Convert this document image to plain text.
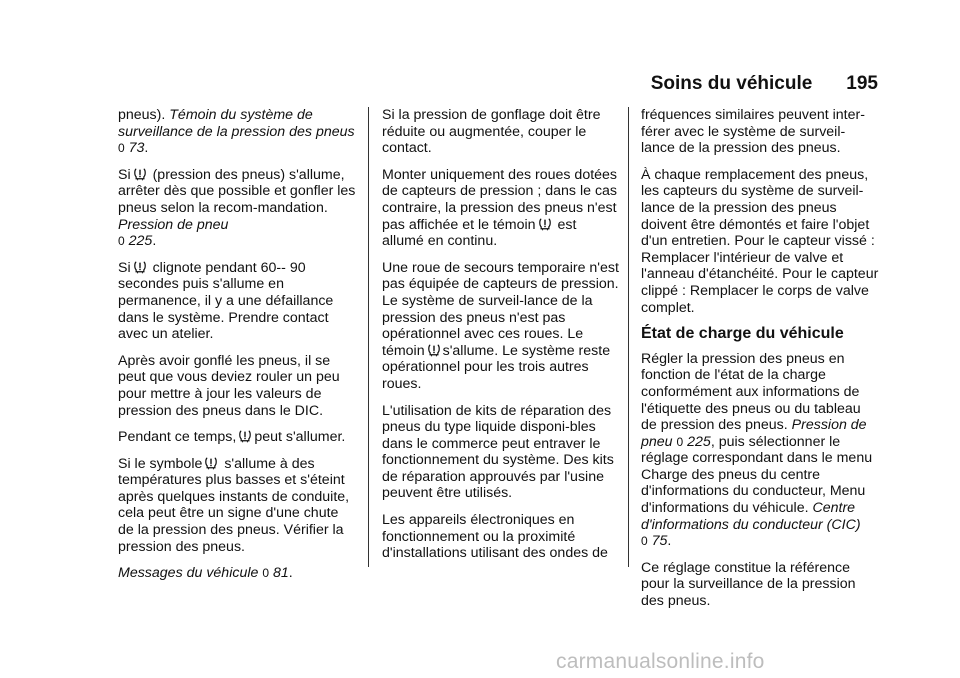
Soins du véhicule 195

pneus). Témoin du système de surveillance de la pression des pneus 0 73.

Si (pression des pneus) s'allume, arrêter dès que possible et gonfler les pneus selon la recom-mandation. Pression de pneu
0 225.

Si clignote pendant 60-- 90 secondes puis s'allume en permanence, il y a une défaillance dans le système. Prendre contact avec un atelier.

Après avoir gonflé les pneus, il se peut que vous deviez rouler un peu pour mettre à jour les valeurs de pression des pneus dans le DIC.

Pendant ce temps, peut s'allumer.

Si le symbole s'allume à des températures plus basses et s'éteint après quelques instants de conduite, cela peut être un signe d'une chute de la pression des pneus. Vérifier la pression des pneus.

Messages du véhicule 0 81.

Si la pression de gonflage doit être réduite ou augmentée, couper le contact.

Monter uniquement des roues dotées de capteurs de pression ; dans le cas contraire, la pression des pneus n'est pas affichée et le témoin est allumé en continu.

Une roue de secours temporaire n'est pas équipée de capteurs de pression. Le système de surveil-lance de la pression des pneus n'est pas opérationnel avec ces roues. Le témoin s'allume. Le système reste opérationnel pour les trois autres roues.

L'utilisation de kits de réparation des pneus du type liquide disponi-bles dans le commerce peut entraver le fonctionnement du système. Des kits de réparation approuvés par l'usine peuvent être utilisés.

Les appareils électroniques en fonctionnement ou la proximité d'installations utilisant des ondes de

fréquences similaires peuvent inter-férer avec le système de surveil-lance de la pression des pneus.

À chaque remplacement des pneus, les capteurs du système de surveil-lance de la pression des pneus doivent être démontés et faire l'objet d'un entretien. Pour le capteur vissé : Remplacer l'intérieur de valve et l'anneau d'étanchéité. Pour le capteur clippé : Remplacer le corps de valve complet.

État de charge du véhicule

Régler la pression des pneus en fonction de l'état de la charge conformément aux informations de l'étiquette des pneus ou du tableau de pression des pneus. Pression de pneu 0 225, puis sélectionner le réglage correspondant dans le menu Charge des pneus du centre d'informations du conducteur, Menu d'informations du véhicule. Centre d'informations du conducteur (CIC)
0 75.

Ce réglage constitue la référence pour la surveillance de la pression des pneus.

carmanualsonline.info
